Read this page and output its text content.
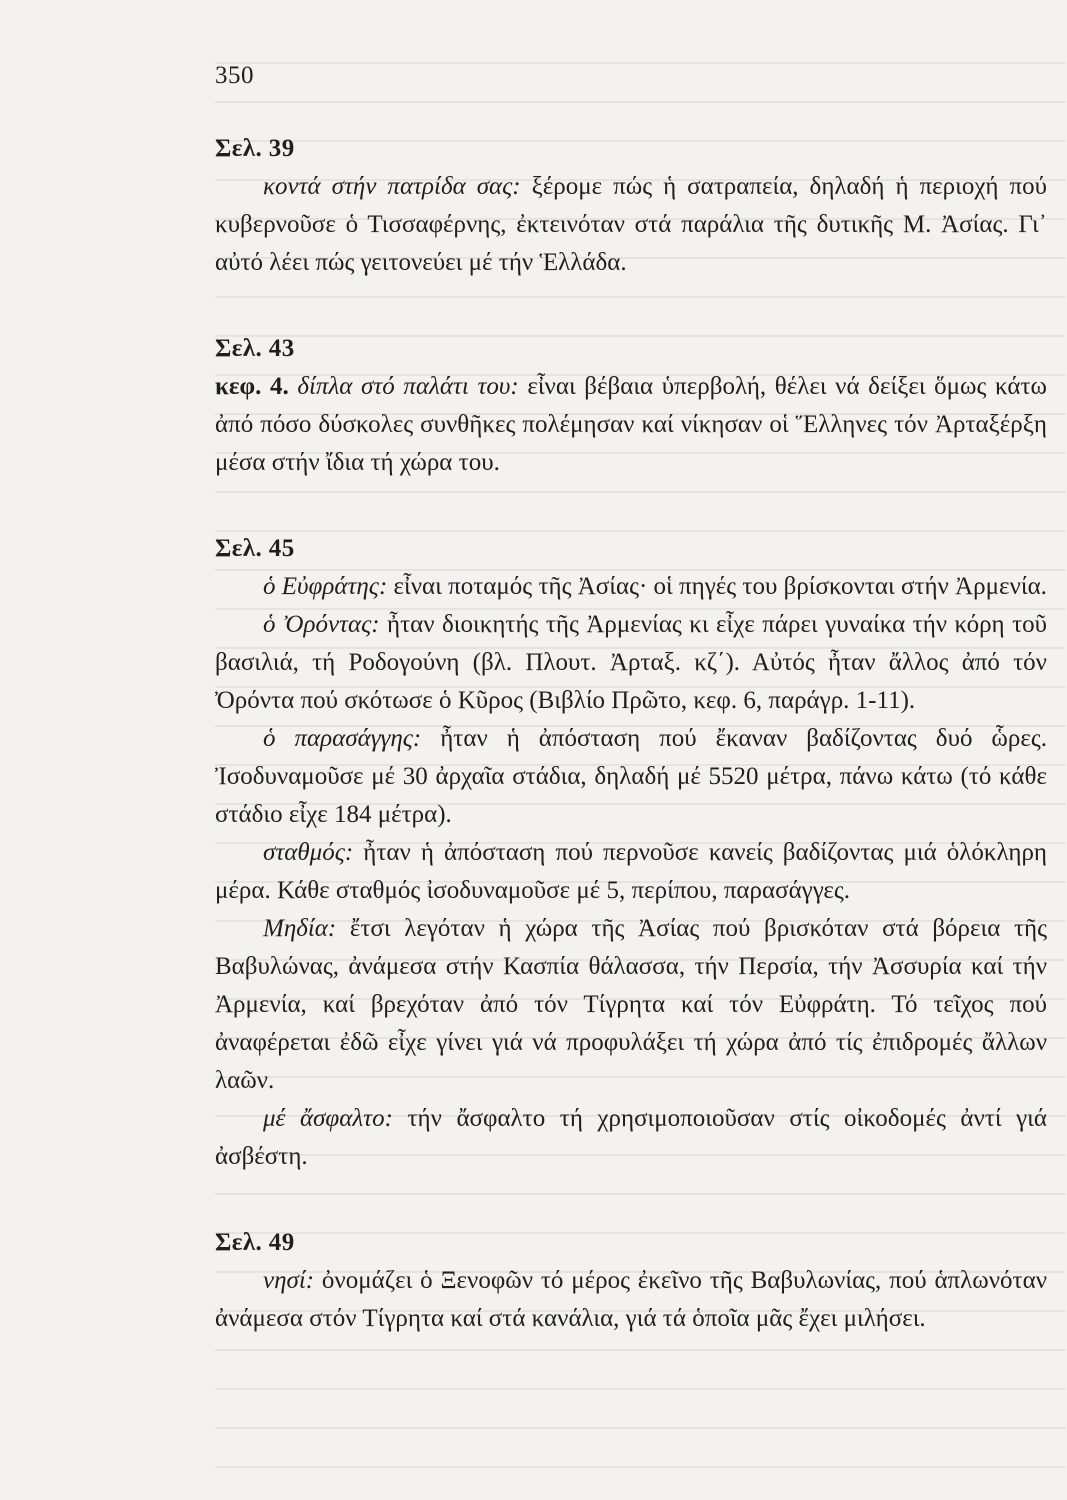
350

Σελ. 39

κοντά στήν πατρίδα σας: ξέρομε πώς ἡ σατραπεία, δηλαδή ἡ περιοχή πού κυβερνοῦσε ὁ Τισσαφέρνης, ἐκτεινόταν στά παράλια τῆς δυτικῆς Μ. Ἀσίας. Γι᾽ αὐτό λέει πώς γειτονεύει μέ τήν Ἑλλάδα.

Σελ. 43

κεφ. 4. δίπλα στό παλάτι του: εἶναι βέβαια ὑπερβολή, θέλει νά δείξει ὅμως κάτω ἀπό πόσο δύσκολες συνθῆκες πολέμησαν καί νίκησαν οἱ Ἕλληνες τόν Ἀρταξέρξη μέσα στήν ἴδια τή χώρα του.

Σελ. 45

ὁ Εὐφράτης: εἶναι ποταμός τῆς Ἀσίας· οἱ πηγές του βρίσκονται στήν Ἀρμενία.

ὁ Ὀρόντας: ἦταν διοικητής τῆς Ἀρμενίας κι εἶχε πάρει γυναίκα τήν κόρη τοῦ βασιλιά, τή Ροδογούνη (βλ. Πλουτ. Ἀρταξ. κζ΄). Αὐτός ἦταν ἄλλος ἀπό τόν Ὀρόντα πού σκότωσε ὁ Κῦρος (Βιβλίο Πρῶτο, κεφ. 6, παράγρ. 1-11).

ὁ παρασάγγης: ἦταν ἡ ἀπόσταση πού ἔκαναν βαδίζοντας δυό ὧρες. Ἰσοδυναμοῦσε μέ 30 ἀρχαῖα στάδια, δηλαδή μέ 5520 μέτρα, πάνω κάτω (τό κάθε στάδιο εἶχε 184 μέτρα).

σταθμός: ἦταν ἡ ἀπόσταση πού περνοῦσε κανείς βαδίζοντας μιά ὁλόκληρη μέρα. Κάθε σταθμός ἰσοδυναμοῦσε μέ 5, περίπου, παρασάγγες.

Μηδία: ἔτσι λεγόταν ἡ χώρα τῆς Ἀσίας πού βρισκόταν στά βόρεια τῆς Βαβυλώνας, ἀνάμεσα στήν Κασπία θάλασσα, τήν Περσία, τήν Ἀσσυρία καί τήν Ἀρμενία, καί βρεχόταν ἀπό τόν Τίγρητα καί τόν Εὐφράτη. Τό τεῖχος πού ἀναφέρεται ἐδῶ εἶχε γίνει γιά νά προφυλάξει τή χώρα ἀπό τίς ἐπιδρομές ἄλλων λαῶν.

μέ ἄσφαλτο: τήν ἄσφαλτο τή χρησιμοποιοῦσαν στίς οἰκοδομές ἀντί γιά ἀσβέστη.

Σελ. 49

νησί: ὀνομάζει ὁ Ξενοφῶν τό μέρος ἐκεῖνο τῆς Βαβυλωνίας, πού ἁπλωνόταν ἀνάμεσα στόν Τίγρητα καί στά κανάλια, γιά τά ὁποῖα μᾶς ἔχει μιλήσει.
